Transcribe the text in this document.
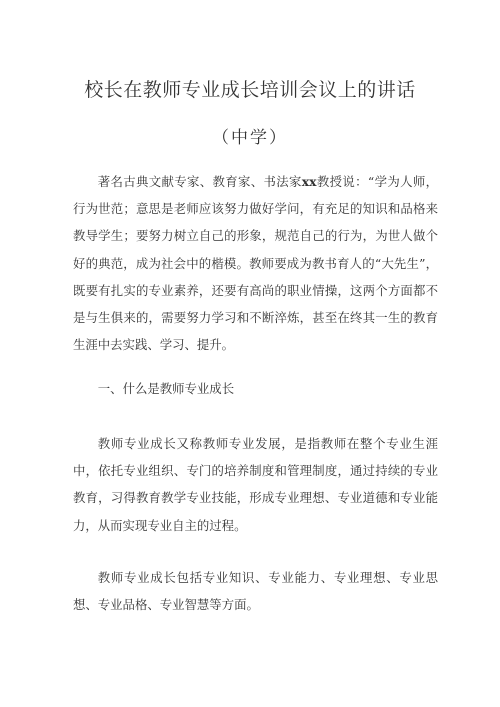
校长在教师专业成长培训会议上的讲话
（中学）

著名古典文献专家、教育家、书法家xx教授说：“学为人师，行为世范；意思是老师应该努力做好学问，有充足的知识和品格来教导学生；要努力树立自己的形象，规范自己的行为，为世人做个好的典范，成为社会中的楷模。教师要成为教书育人的“大先生”，既要有扎实的专业素养，还要有高尚的职业情操，这两个方面都不是与生俱来的，需要努力学习和不断淬炼，甚至在终其一生的教育生涯中去实践、学习、提升。

一、什么是教师专业成长

教师专业成长又称教师专业发展，是指教师在整个专业生涯中，依托专业组织、专门的培养制度和管理制度，通过持续的专业教育，习得教育教学专业技能，形成专业理想、专业道德和专业能力，从而实现专业自主的过程。

教师专业成长包括专业知识、专业能力、专业理想、专业思想、专业品格、专业智慧等方面。
